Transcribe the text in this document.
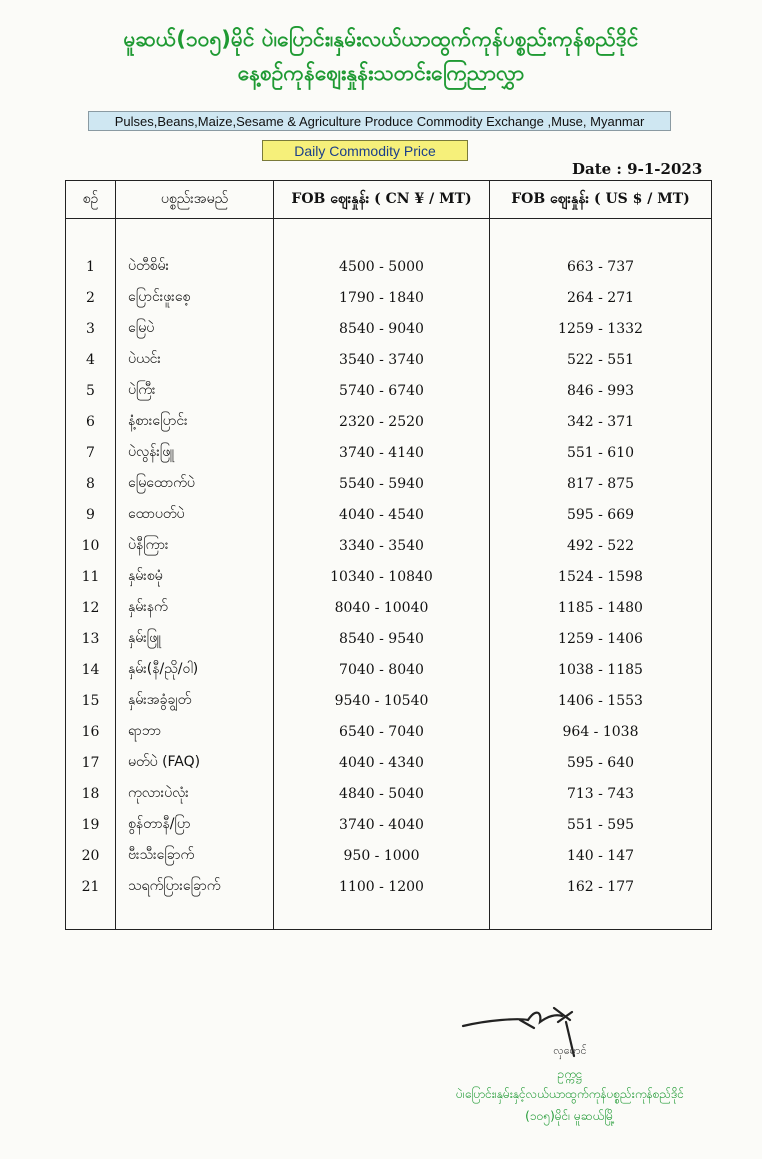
မူဆယ်(၁၀၅)မိုင် ပဲ၊ပြောင်း၊နှမ်းလယ်ယာထွက်ကုန်ပစ္စည်းကုန်စည်ဒိုင်
နေ့စဉ်ကုန်ဈေးနှုန်းသတင်းကြေညာလွှာ
Pulses,Beans,Maize,Sesame & Agriculture Produce Commodity Exchange ,Muse, Myanmar
Daily Commodity Price
Date : 9-1-2023
စဉ်	ပစ္စည်းအမည်	FOB ဈေးနှုန်း ( CN ¥ / MT)	FOB ဈေးနှုန်း ( US $ / MT)

1	ပဲတီစိမ်း	4500 - 5000	663 - 737
2	ပြောင်းဖူးစေ့	1790 - 1840	264 - 271
3	မြေပဲ	8540 - 9040	1259 - 1332
4	ပဲယင်း	3540 - 3740	522 - 551
5	ပဲကြီး	5740 - 6740	846 - 993
6	နံ့စားပြောင်း	2320 - 2520	342 - 371
7	ပဲလွန်းဖြူ	3740 - 4140	551 - 610
8	မြေထောက်ပဲ	5540 - 5940	817 - 875
9	ထောပတ်ပဲ	4040 - 4540	595 - 669
10	ပဲနီကြား	3340 - 3540	492 - 522
11	နှမ်းစမုံ	10340 - 10840	1524 - 1598
12	နှမ်းနက်	8040 - 10040	1185 - 1480
13	နှမ်းဖြူ	8540 - 9540	1259 - 1406
14	နှမ်း(နီ/ညို/ဝါ)	7040 - 8040	1038 - 1185
15	နှမ်းအခွံချွတ်	9540 - 10540	1406 - 1553
16	ရာဘာ	6540 - 7040	964 - 1038
17	မတ်ပဲ (FAQ)	4040 - 4340	595 - 640
18	ကုလားပဲလုံး	4840 - 5040	713 - 743
19	စွန်တာနီ/ပြာ	3740 - 4040	551 - 595
20	ဗီးသီးခြောက်	950 - 1000	140 - 147
21	သရက်ပြားခြောက်	1100 - 1200	162 - 177

လှမောင်
ဥက္ကဋ္ဌ
ပဲ၊ပြောင်း၊နှမ်းနှင့်လယ်ယာထွက်ကုန်ပစ္စည်းကုန်စည်ဒိုင်
(၁၀၅)မိုင်၊ မူဆယ်မြို့
